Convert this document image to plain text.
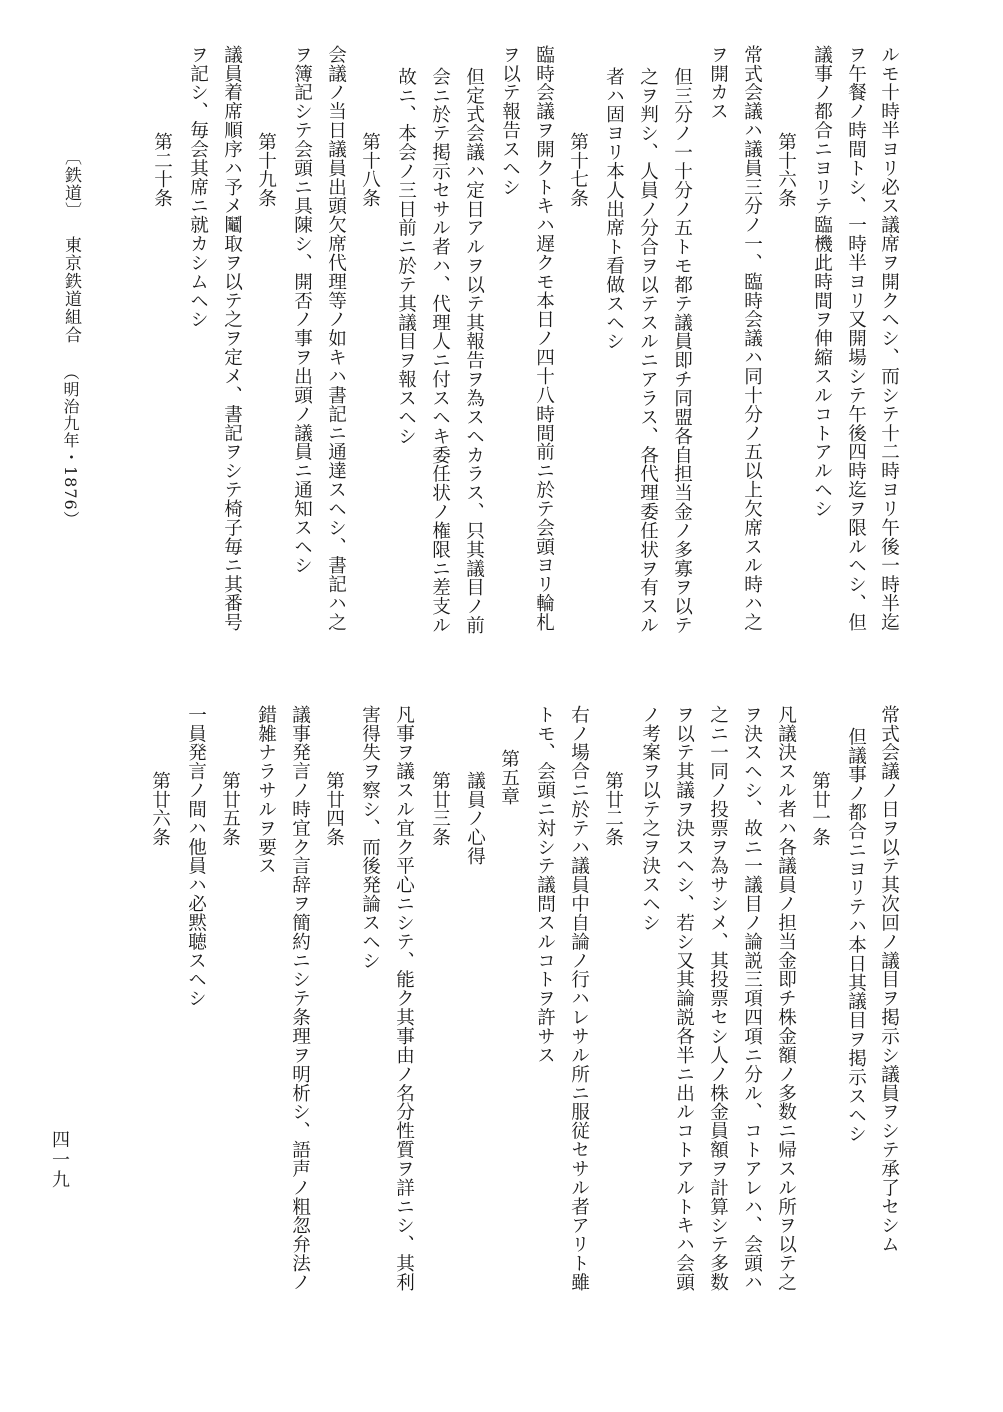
〔鉄道〕
東京鉄道組合
（明治九年・1876）
四一九
ルモ十時半ヨリ必ス議席ヲ開クヘシ、而シテ十二時ヨリ午後一時半迄
ヲ午餐ノ時間トシ、一時半ヨリ又開場シテ午後四時迄ヲ限ルヘシ、但
議事ノ都合ニヨリテ臨機此時間ヲ伸縮スルコトアルヘシ
第十六条
常式会議ハ議員三分ノ一、臨時会議ハ同十分ノ五以上欠席スル時ハ之
ヲ開カス
但三分ノ一十分ノ五トモ都テ議員即チ同盟各自担当金ノ多寡ヲ以テ
之ヲ判シ、人員ノ分合ヲ以テスルニアラス、各代理委任状ヲ有スル
者ハ固ヨリ本人出席ト看做スヘシ
第十七条
臨時会議ヲ開クトキハ遅クモ本日ノ四十八時間前ニ於テ会頭ヨリ輪札
ヲ以テ報告スヘシ
但定式会議ハ定日アルヲ以テ其報告ヲ為スヘカラス、只其議目ノ前
会ニ於テ掲示セサル者ハ、代理人ニ付スヘキ委任状ノ権限ニ差支ル
故ニ、本会ノ三日前ニ於テ其議目ヲ報スヘシ
第十八条
会議ノ当日議員出頭欠席代理等ノ如キハ書記ニ通達スヘシ、書記ハ之
ヲ簿記シテ会頭ニ具陳シ、開否ノ事ヲ出頭ノ議員ニ通知スヘシ
第十九条
議員着席順序ハ予メ鬮取ヲ以テ之ヲ定メ、書記ヲシテ椅子毎ニ其番号
ヲ記シ、毎会其席ニ就カシムヘシ
第二十条
常式会議ノ日ヲ以テ其次回ノ議目ヲ掲示シ議員ヲシテ承了セシム
但議事ノ都合ニヨリテハ本日其議目ヲ掲示スヘシ
第廿一条
凡議決スル者ハ各議員ノ担当金即チ株金額ノ多数ニ帰スル所ヲ以テ之
ヲ決スヘシ、故ニ一議目ノ論説三項四項ニ分ル、コトアレハ、会頭ハ
之ニ一同ノ投票ヲ為サシメ、其投票セシ人ノ株金員額ヲ計算シテ多数
ヲ以テ其議ヲ決スヘシ、若シ又其論説各半ニ出ルコトアルトキハ会頭
ノ考案ヲ以テ之ヲ決スヘシ
第廿二条
右ノ場合ニ於テハ議員中自論ノ行ハレサル所ニ服従セサル者アリト雖
トモ、会頭ニ対シテ議問スルコトヲ許サス
第五章
議員ノ心得
第廿三条
凡事ヲ議スル宜ク平心ニシテ、能ク其事由ノ名分性質ヲ詳ニシ、其利
害得失ヲ察シ、而後発論スヘシ
第廿四条
議事発言ノ時宜ク言辞ヲ簡約ニシテ条理ヲ明析シ、語声ノ粗忽弁法ノ
錯雑ナラサルヲ要ス
第廿五条
一員発言ノ間ハ他員ハ必黙聴スヘシ
第廿六条
